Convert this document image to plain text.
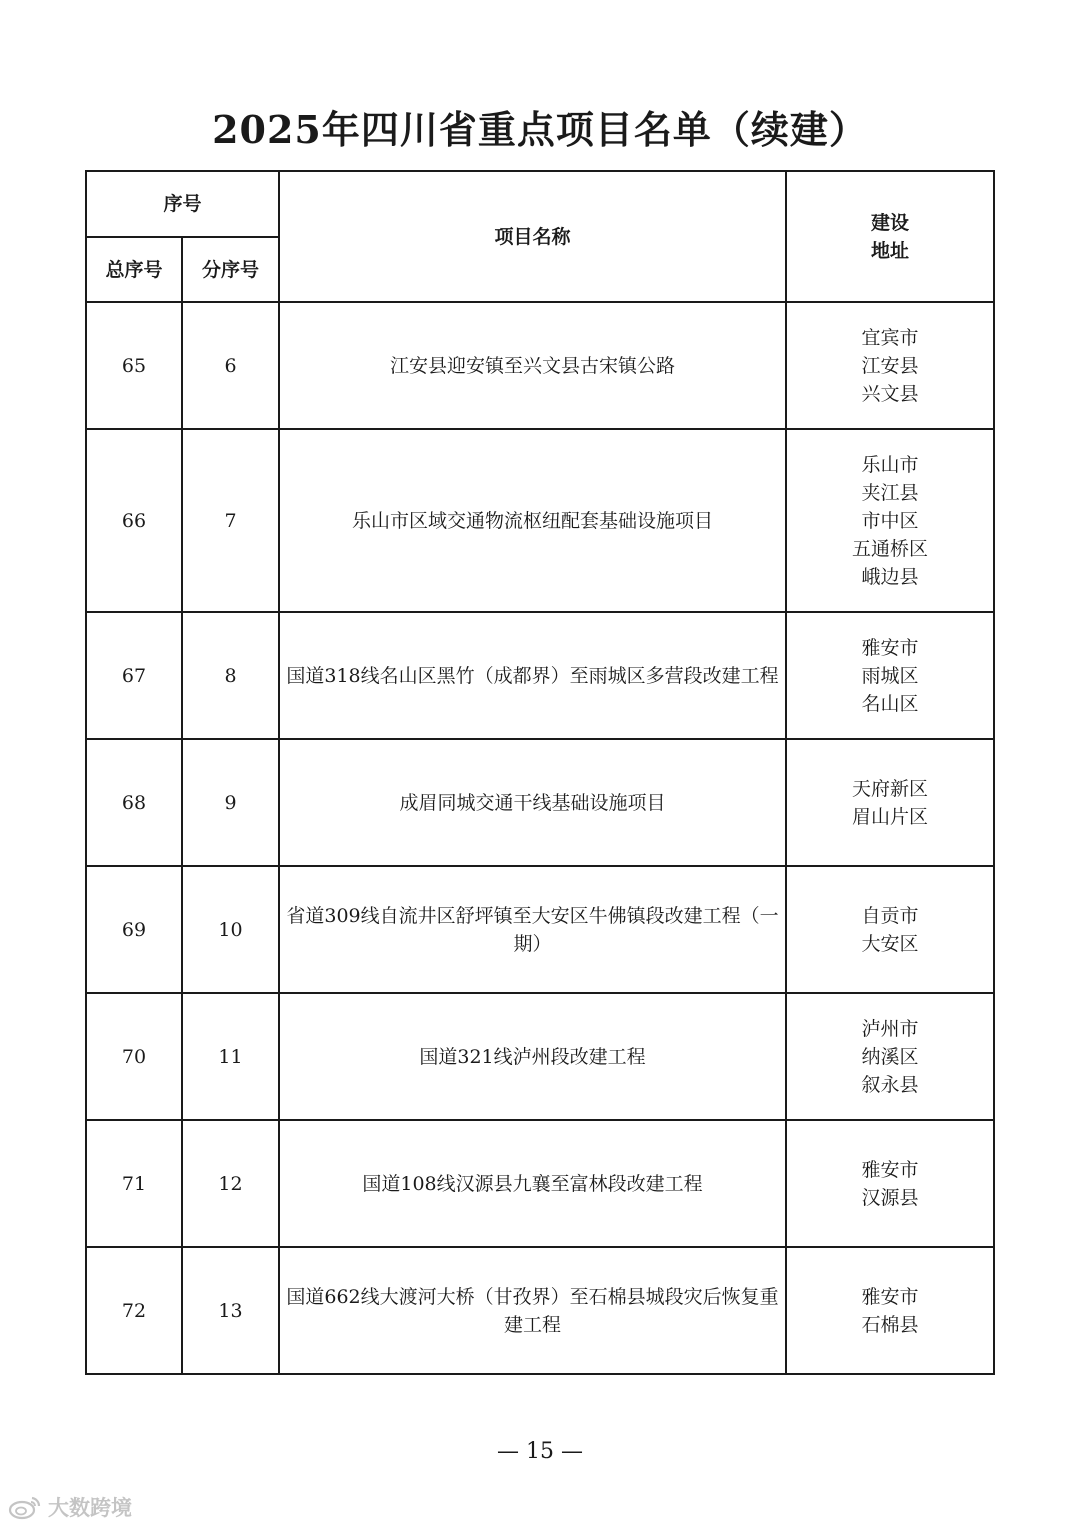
2025年四川省重点项目名单（续建）
序号		项目名称	建设
地址

总序号	分序号		
65	6	江安县迎安镇至兴文县古宋镇公路	宜宾市
江安县
兴文县

66	7	乐山市区域交通物流枢纽配套基础设施项目	乐山市
夹江县
市中区
五通桥区
峨边县

67	8	国道318线名山区黑竹（成都界）至雨城区多营段改建工程	雅安市
雨城区
名山区

68	9	成眉同城交通干线基础设施项目	天府新区
眉山片区

69	10	省道309线自流井区舒坪镇至大安区牛佛镇段改建工程（一期）	自贡市
大安区

70	11	国道321线泸州段改建工程	泸州市
纳溪区
叙永县

71	12	国道108线汉源县九襄至富林段改建工程	雅安市
汉源县

72	13	国道662线大渡河大桥（甘孜界）至石棉县城段灾后恢复重建工程	雅安市
石棉县
— 15 —
大数跨境
